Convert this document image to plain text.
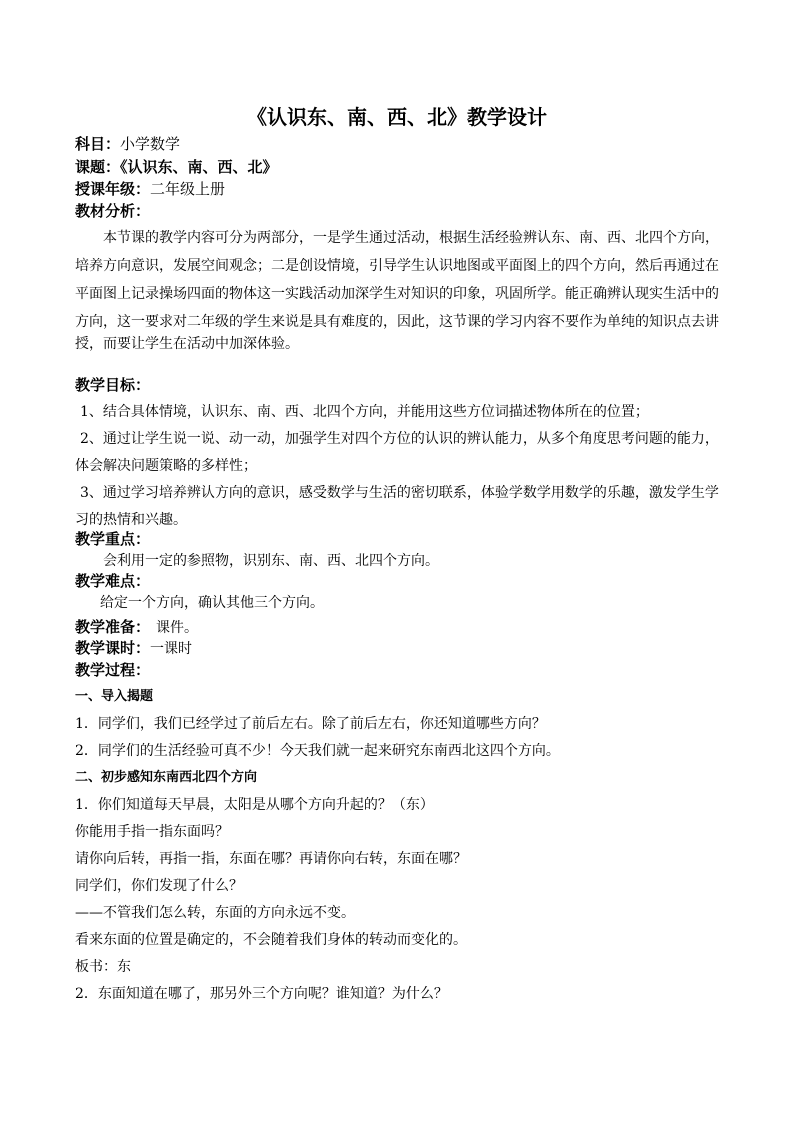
《认识东、南、西、北》教学设计
科目：小学数学
课题：《认识东、南、西、北》
授课年级：二年级上册
教材分析：
本节课的教学内容可分为两部分，一是学生通过活动，根据生活经验辨认东、南、西、北四个方向，
培养方向意识，发展空间观念；二是创设情境，引导学生认识地图或平面图上的四个方向，然后再通过在
平面图上记录操场四面的物体这一实践活动加深学生对知识的印象，巩固所学。能正确辨认现实生活中的
方向，这一要求对二年级的学生来说是具有难度的，因此，这节课的学习内容不要作为单纯的知识点去讲
授，而要让学生在活动中加深体验。
教学目标：
1、结合具体情境，认识东、南、西、北四个方向，并能用这些方位词描述物体所在的位置；
2、通过让学生说一说、动一动，加强学生对四个方位的认识的辨认能力，从多个角度思考问题的能力，
体会解决问题策略的多样性；
3、通过学习培养辨认方向的意识，感受数学与生活的密切联系，体验学数学用数学的乐趣，激发学生学
习的热情和兴趣。
教学重点：
会利用一定的参照物，识别东、南、西、北四个方向。
教学难点：
给定一个方向，确认其他三个方向。
教学准备： 课件。
教学课时：一课时
教学过程：
一、导入揭题
1．同学们，我们已经学过了前后左右。除了前后左右，你还知道哪些方向？
2．同学们的生活经验可真不少！今天我们就一起来研究东南西北这四个方向。
二、初步感知东南西北四个方向
1．你们知道每天早晨，太阳是从哪个方向升起的？（东）
你能用手指一指东面吗？
请你向后转，再指一指，东面在哪？再请你向右转，东面在哪？
同学们，你们发现了什么？
——不管我们怎么转，东面的方向永远不变。
看来东面的位置是确定的，不会随着我们身体的转动而变化的。
板书：东
2．东面知道在哪了，那另外三个方向呢？谁知道？为什么？
